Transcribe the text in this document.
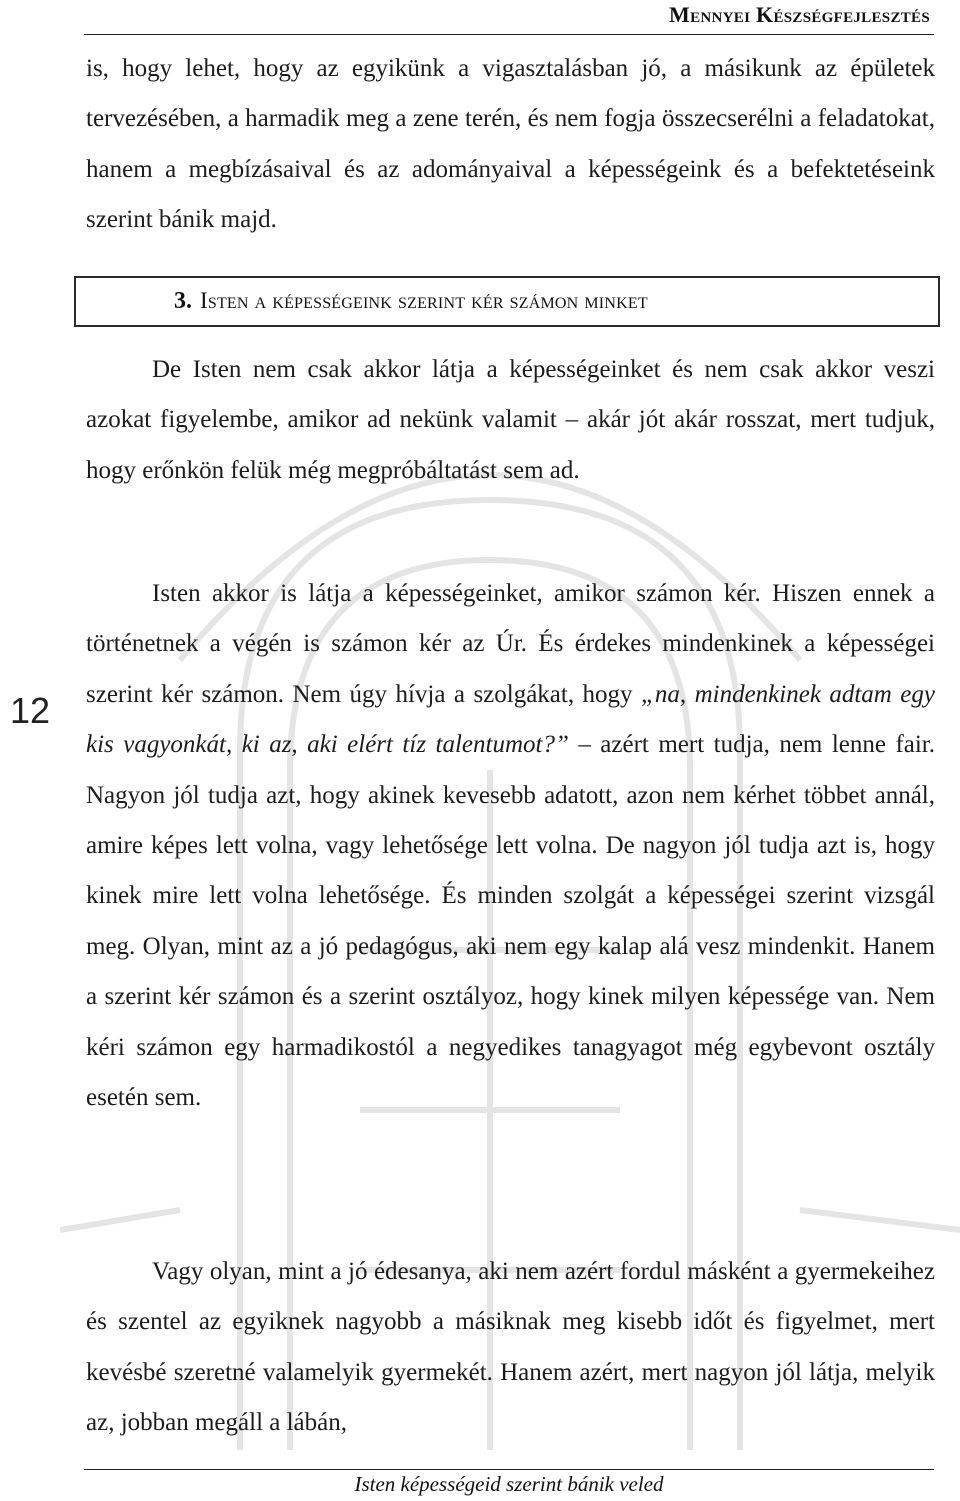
Mennyei Készségfejlesztés

is, hogy lehet, hogy az egyikünk a vigasztalásban jó, a másikunk az épületek tervezésében, a harmadik meg a zene terén, és nem fogja összecserélni a feladatokat, hanem a megbízásaival és az adományaival a képességeink és a befektetéseink szerint bánik majd.

3. Isten a képességeink szerint kér számon minket

De Isten nem csak akkor látja a képességeinket és nem csak akkor veszi azokat figyelembe, amikor ad nekünk valamit – akár jót akár rosszat, mert tudjuk, hogy erőnkön felük még megpróbáltatást sem ad.

Isten akkor is látja a képességeinket, amikor számon kér. Hiszen ennek a történetnek a végén is számon kér az Úr. És érdekes mindenkinek a képességei szerint kér számon. Nem úgy hívja a szolgákat, hogy „na, mindenkinek adtam egy kis vagyonkát, ki az, aki elért tíz talentumot?” – azért mert tudja, nem lenne fair. Nagyon jól tudja azt, hogy akinek kevesebb adatott, azon nem kérhet többet annál, amire képes lett volna, vagy lehetősége lett volna. De nagyon jól tudja azt is, hogy kinek mire lett volna lehetősége. És minden szolgát a képességei szerint vizsgál meg. Olyan, mint az a jó pedagógus, aki nem egy kalap alá vesz mindenkit. Hanem a szerint kér számon és a szerint osztályoz, hogy kinek milyen képessége van. Nem kéri számon egy harmadikostól a negyedikes tanagyagot még egybevont osztály esetén sem.

12

Vagy olyan, mint a jó édesanya, aki nem azért fordul másként a gyermekeihez és szentel az egyiknek nagyobb a másiknak meg kisebb időt és figyelmet, mert kevésbé szeretné valamelyik gyermekét. Hanem azért, mert nagyon jól látja, melyik az, jobban megáll a lábán,

Isten képességeid szerint bánik veled
